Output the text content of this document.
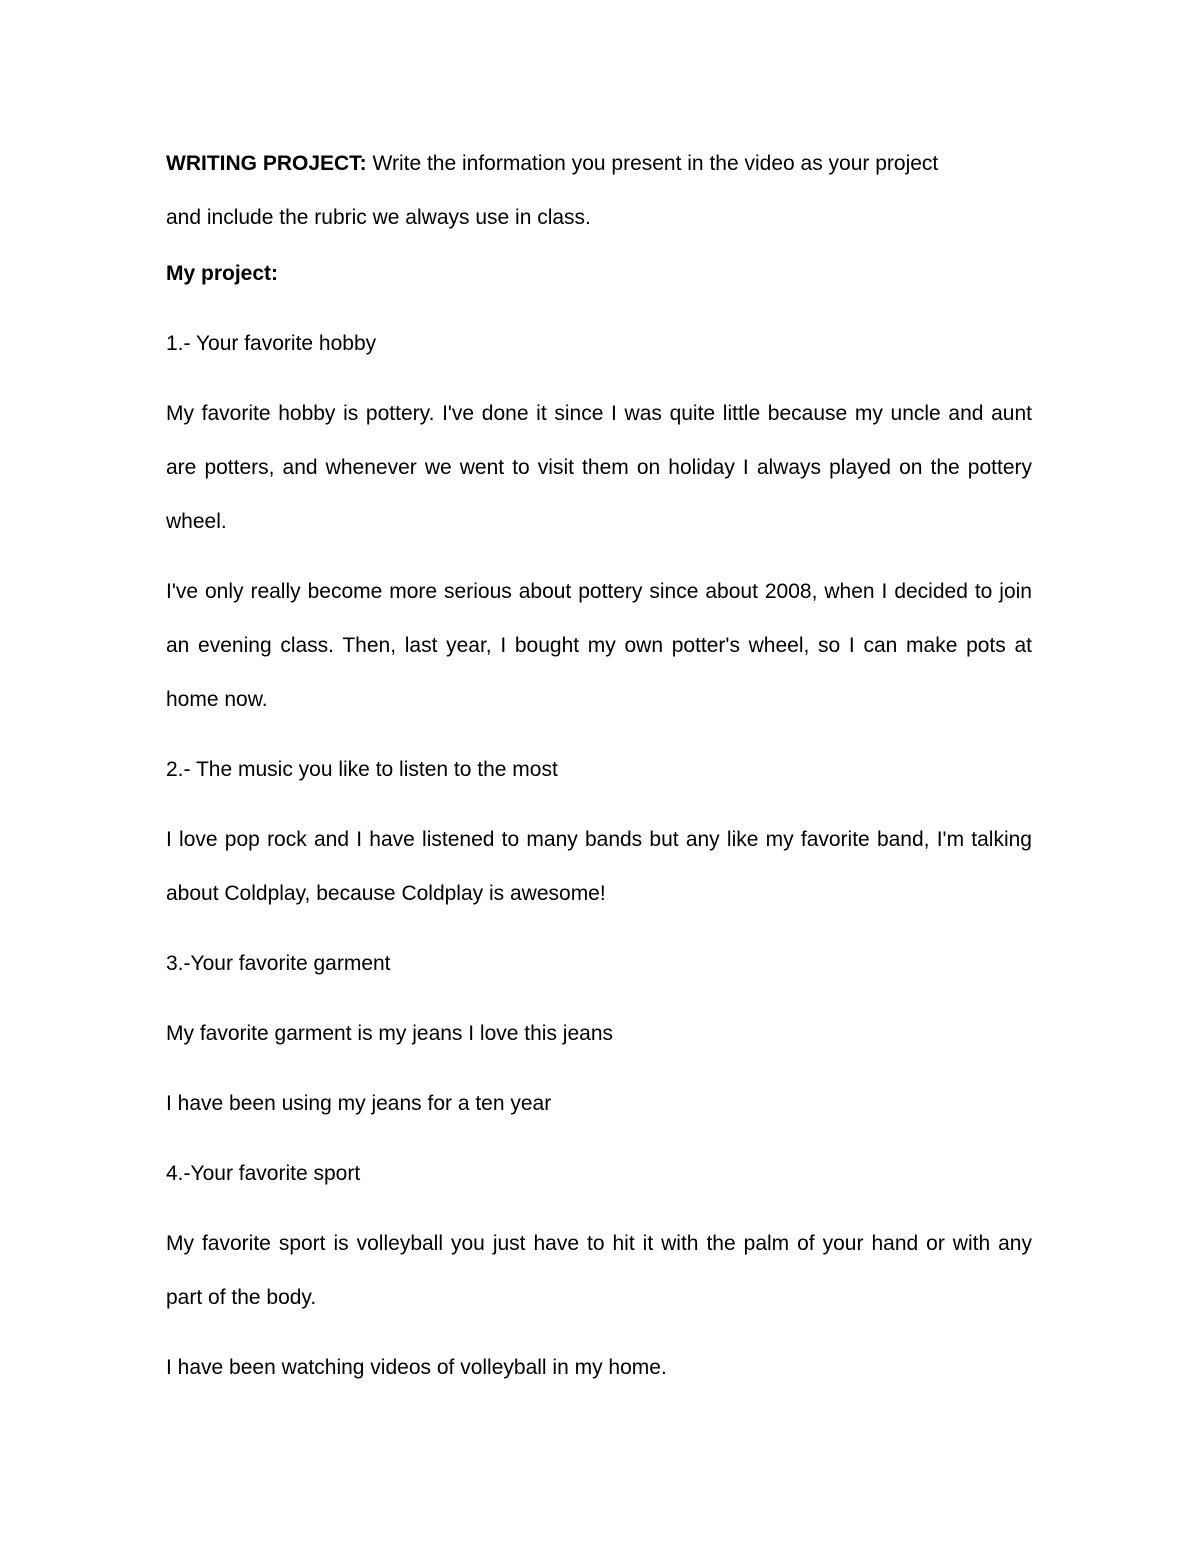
WRITING PROJECT: Write the information you present in the video as your project and include the rubric we always use in class.

My project:

1.- Your favorite hobby

My favorite hobby is pottery. I've done it since I was quite little because my uncle and aunt are potters, and whenever we went to visit them on holiday I always played on the pottery wheel.

I've only really become more serious about pottery since about 2008, when I decided to join an evening class. Then, last year, I bought my own potter's wheel, so I can make pots at home now.

2.- The music you like to listen to the most

I love pop rock and I have listened to many bands but any like my favorite band, I'm talking about Coldplay, because Coldplay is awesome!

3.-Your favorite garment

My favorite garment is my jeans I love this jeans

I have been using my jeans for a ten year

4.-Your favorite sport

My favorite sport is volleyball you just have to hit it with the palm of your hand or with any part of the body.

I have been watching videos of volleyball in my home.
